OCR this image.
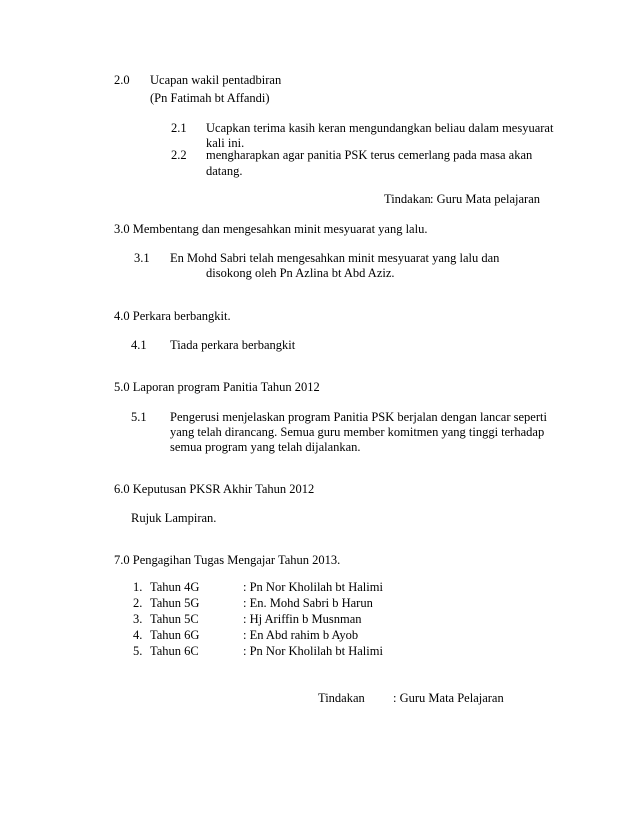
2.0 Ucapan wakil pentadbiran
(Pn Fatimah bt Affandi)
2.1 Ucapkan terima kasih keran mengundangkan beliau dalam mesyuarat
kali ini.
2.2 mengharapkan agar panitia PSK terus cemerlang pada masa akan
datang.
Tindakan : Guru Mata pelajaran
3.0 Membentang dan mengesahkan minit mesyuarat yang lalu.
3.1 En Mohd Sabri telah mengesahkan minit mesyuarat yang lalu dan
disokong oleh Pn Azlina bt Abd Aziz.
4.0 Perkara berbangkit.
4.1 Tiada perkara berbangkit
5.0 Laporan program Panitia Tahun 2012
5.1 Pengerusi menjelaskan program Panitia PSK berjalan dengan lancar seperti
yang telah dirancang. Semua guru member komitmen yang tinggi terhadap
semua program yang telah dijalankan.
6.0 Keputusan PKSR Akhir Tahun 2012
Rujuk Lampiran.
7.0 Pengagihan Tugas Mengajar Tahun 2013.
1. Tahun 4G	: Pn Nor Kholilah bt Halimi
2. Tahun 5G	: En. Mohd Sabri b Harun
3. Tahun 5C	: Hj Ariffin b Musnman
4. Tahun 6G	: En Abd rahim b Ayob
5. Tahun 6C	: Pn Nor Kholilah bt Halimi
Tindakan : Guru Mata Pelajaran
